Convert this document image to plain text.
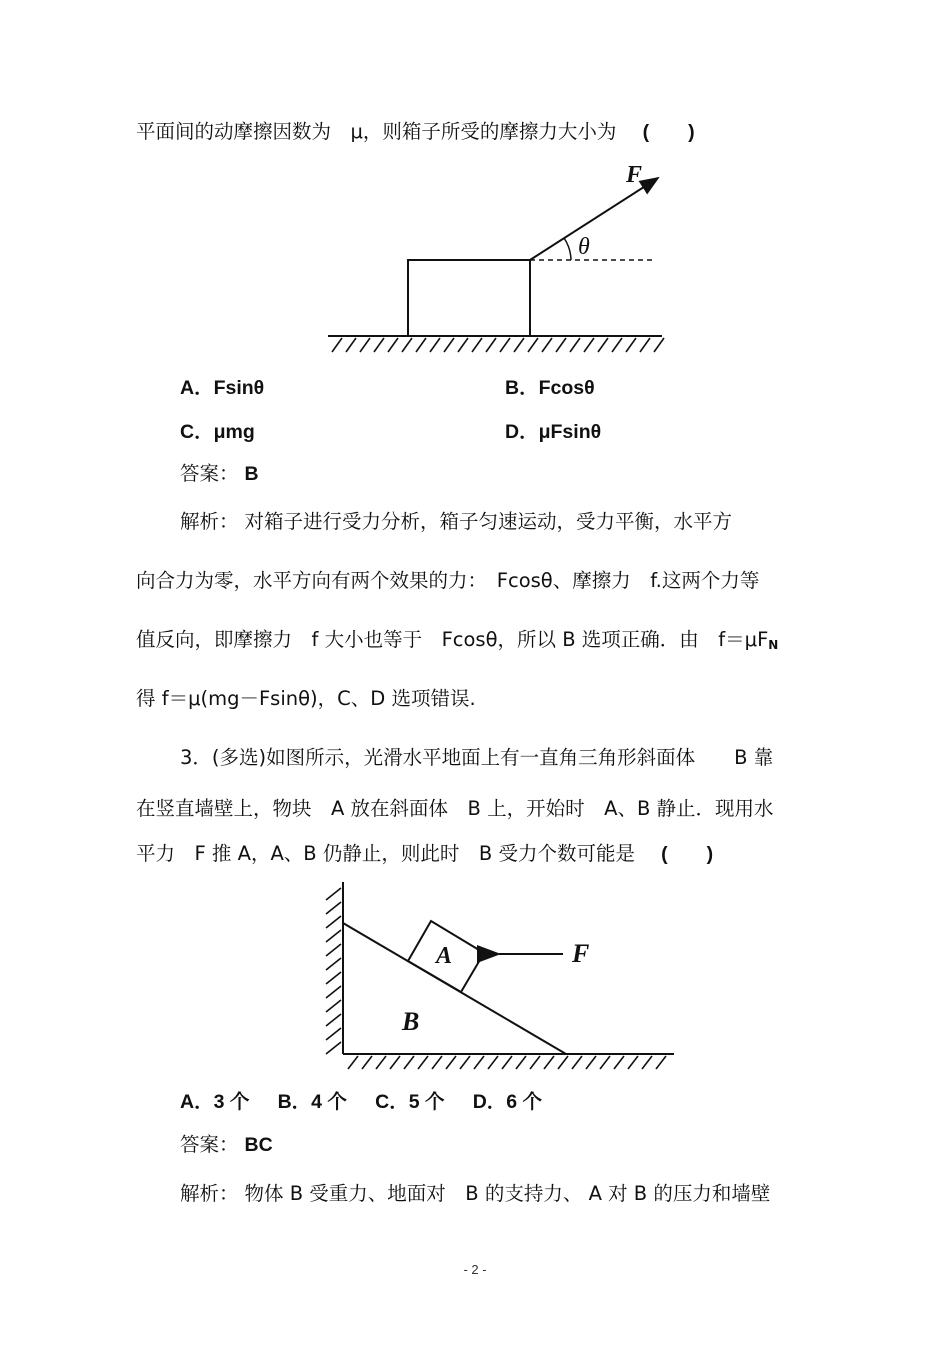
平面间的动摩擦因数为　μ，则箱子所受的摩擦力大小为 (　　)
F
θ
A．Fsinθ	B．Fcosθ
C．μmg	D．μFsinθ
答案： B
解析： 对箱子进行受力分析，箱子匀速运动，受力平衡，水平方
向合力为零，水平方向有两个效果的力：　Fcosθ、摩擦力　f.这两个力等
值反向，即摩擦力　f 大小也等于　Fcosθ，所以 B 选项正确．由　$f=\mu F_N$
得 f＝μ(mg－Fsinθ)，C、D 选项错误.
3．(多选)如图所示，光滑水平地面上有一直角三角形斜面体　　B 靠
在竖直墙壁上，物块　A 放在斜面体　B 上，开始时　A、B 静止．现用水
平力　F 推 A，A、B 仍静止，则此时　B 受力个数可能是 (　　)
A
B
F
A．3 个 B．4 个 C．5 个 D．6 个
答案： BC
解析： 物体 B 受重力、地面对　B 的支持力、 A 对 B 的压力和墙壁
- 2 -
